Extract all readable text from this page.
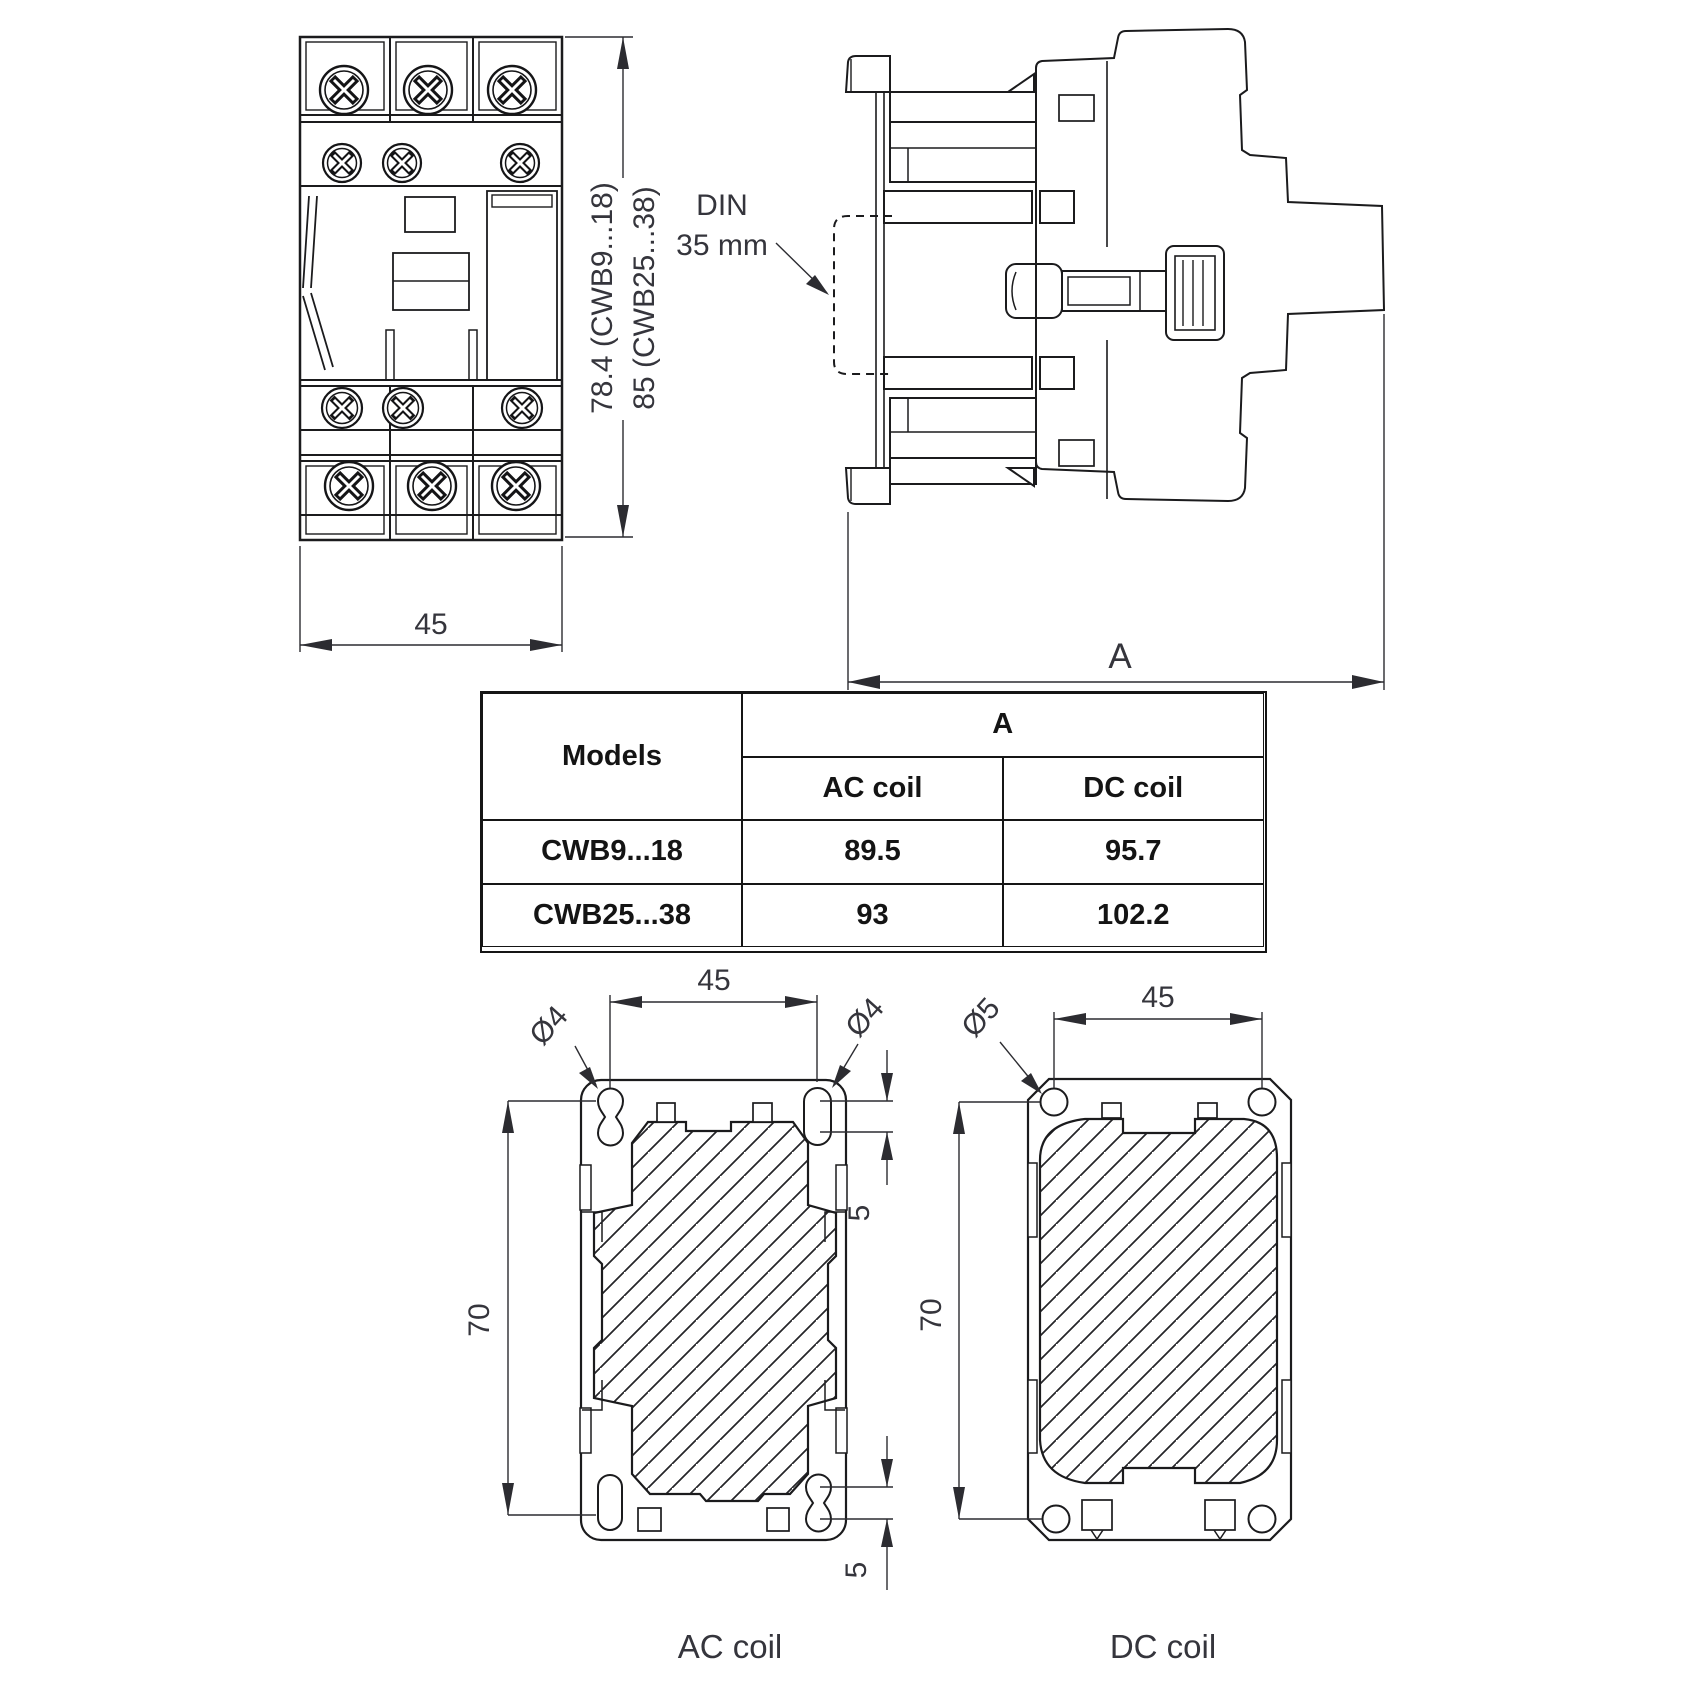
78.4 (CWB9...18) 85 (CWB25...38)
45
DIN
35 mm
A
45
Ø4	Ø4
70
5
5
AC coil
45
Ø5
70
DC coil
Models
A
AC coil	DC coil
CWB9...18	89.5	95.7
CWB25...38	93	102.2
